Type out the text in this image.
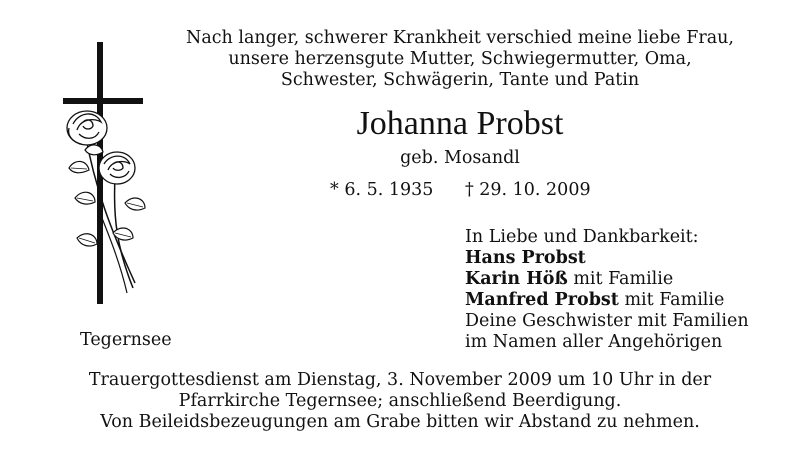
Nach langer, schwerer Krankheit verschied meine liebe Frau,
unsere herzensgute Mutter, Schwiegermutter, Oma,
Schwester, Schwägerin, Tante und Patin
Johanna Probst
geb. Mosandl
* 6. 5. 1935 † 29. 10. 2009
In Liebe und Dankbarkeit:
Hans Probst
Karin Höß mit Familie
Manfred Probst mit Familie
Deine Geschwister mit Familien
im Namen aller Angehörigen
Tegernsee
Trauergottesdienst am Dienstag, 3. November 2009 um 10 Uhr in der
Pfarrkirche Tegernsee; anschließend Beerdigung.
Von Beileidsbezeugungen am Grabe bitten wir Abstand zu nehmen.
